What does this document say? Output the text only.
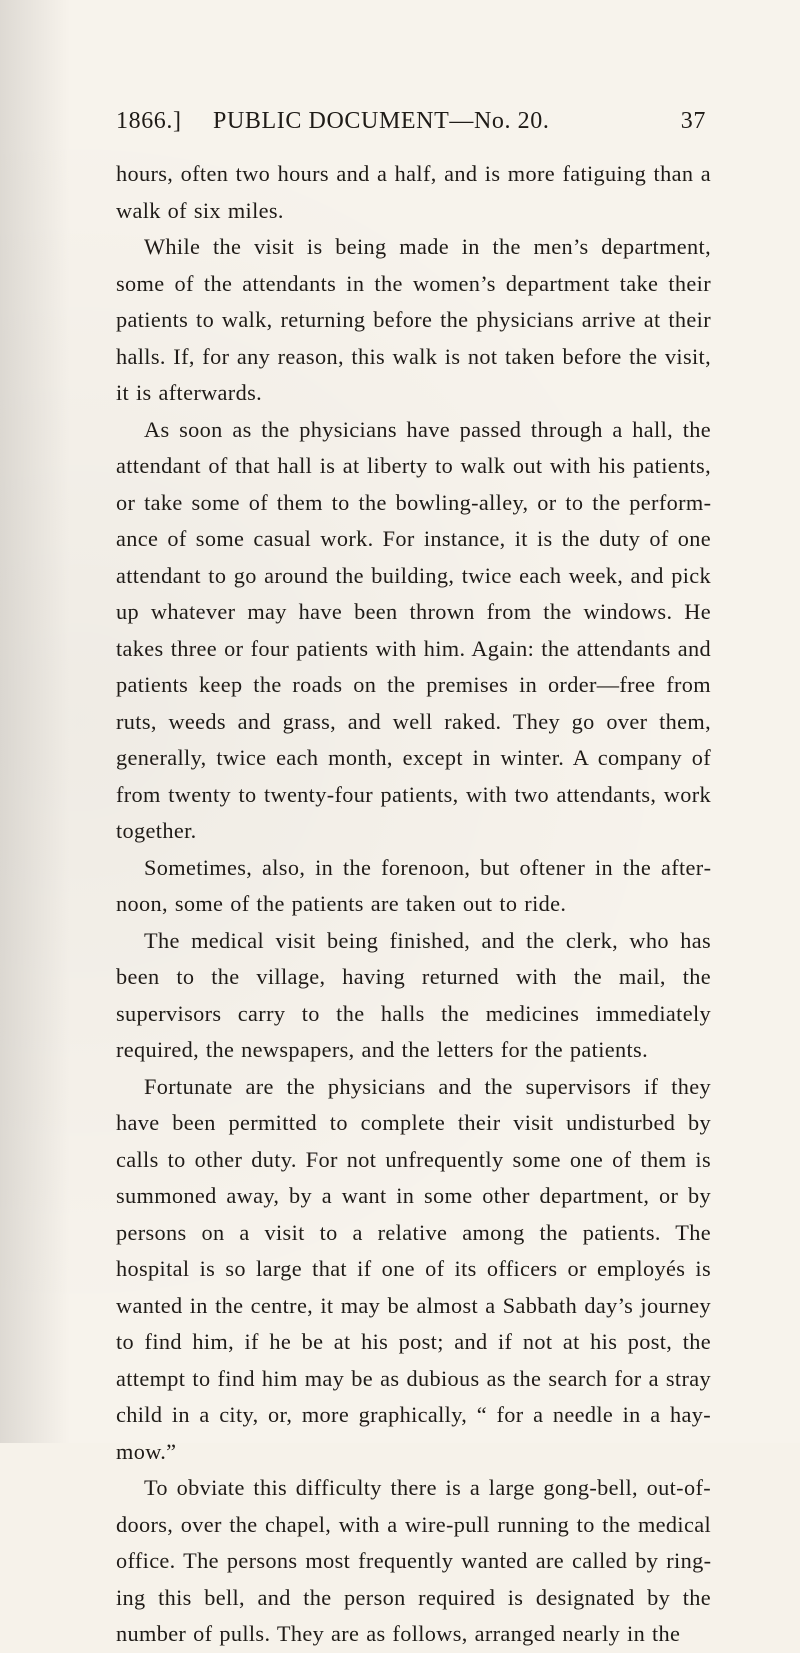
1866.] PUBLIC DOCUMENT—No. 20.	37

hours, often two hours and a half, and is more fatiguing than a walk of six miles.

While the visit is being made in the men’s department, some of the attendants in the women’s department take their patients to walk, returning before the physicians arrive at their halls. If, for any reason, this walk is not taken before the visit, it is afterwards.

As soon as the physicians have passed through a hall, the attendant of that hall is at liberty to walk out with his patients, or take some of them to the bowling-alley, or to the performance of some casual work. For instance, it is the duty of one attendant to go around the building, twice each week, and pick up whatever may have been thrown from the windows. He takes three or four patients with him. Again: the attendants and patients keep the roads on the premises in order—free from ruts, weeds and grass, and well raked. They go over them, generally, twice each month, except in winter. A company of from twenty to twenty-four patients, with two attendants, work together.

Sometimes, also, in the forenoon, but oftener in the afternoon, some of the patients are taken out to ride.

The medical visit being finished, and the clerk, who has been to the village, having returned with the mail, the supervisors carry to the halls the medicines immediately required, the newspapers, and the letters for the patients.

Fortunate are the physicians and the supervisors if they have been permitted to complete their visit undisturbed by calls to other duty. For not unfrequently some one of them is summoned away, by a want in some other department, or by persons on a visit to a relative among the patients. The hospital is so large that if one of its officers or employés is wanted in the centre, it may be almost a Sabbath day’s journey to find him, if he be at his post; and if not at his post, the attempt to find him may be as dubious as the search for a stray child in a city, or, more graphically, “ for a needle in a hay-mow.”

To obviate this difficulty there is a large gong-bell, out-of-doors, over the chapel, with a wire-pull running to the medical office. The persons most frequently wanted are called by ringing this bell, and the person required is designated by the number of pulls. They are as follows, arranged nearly in the
